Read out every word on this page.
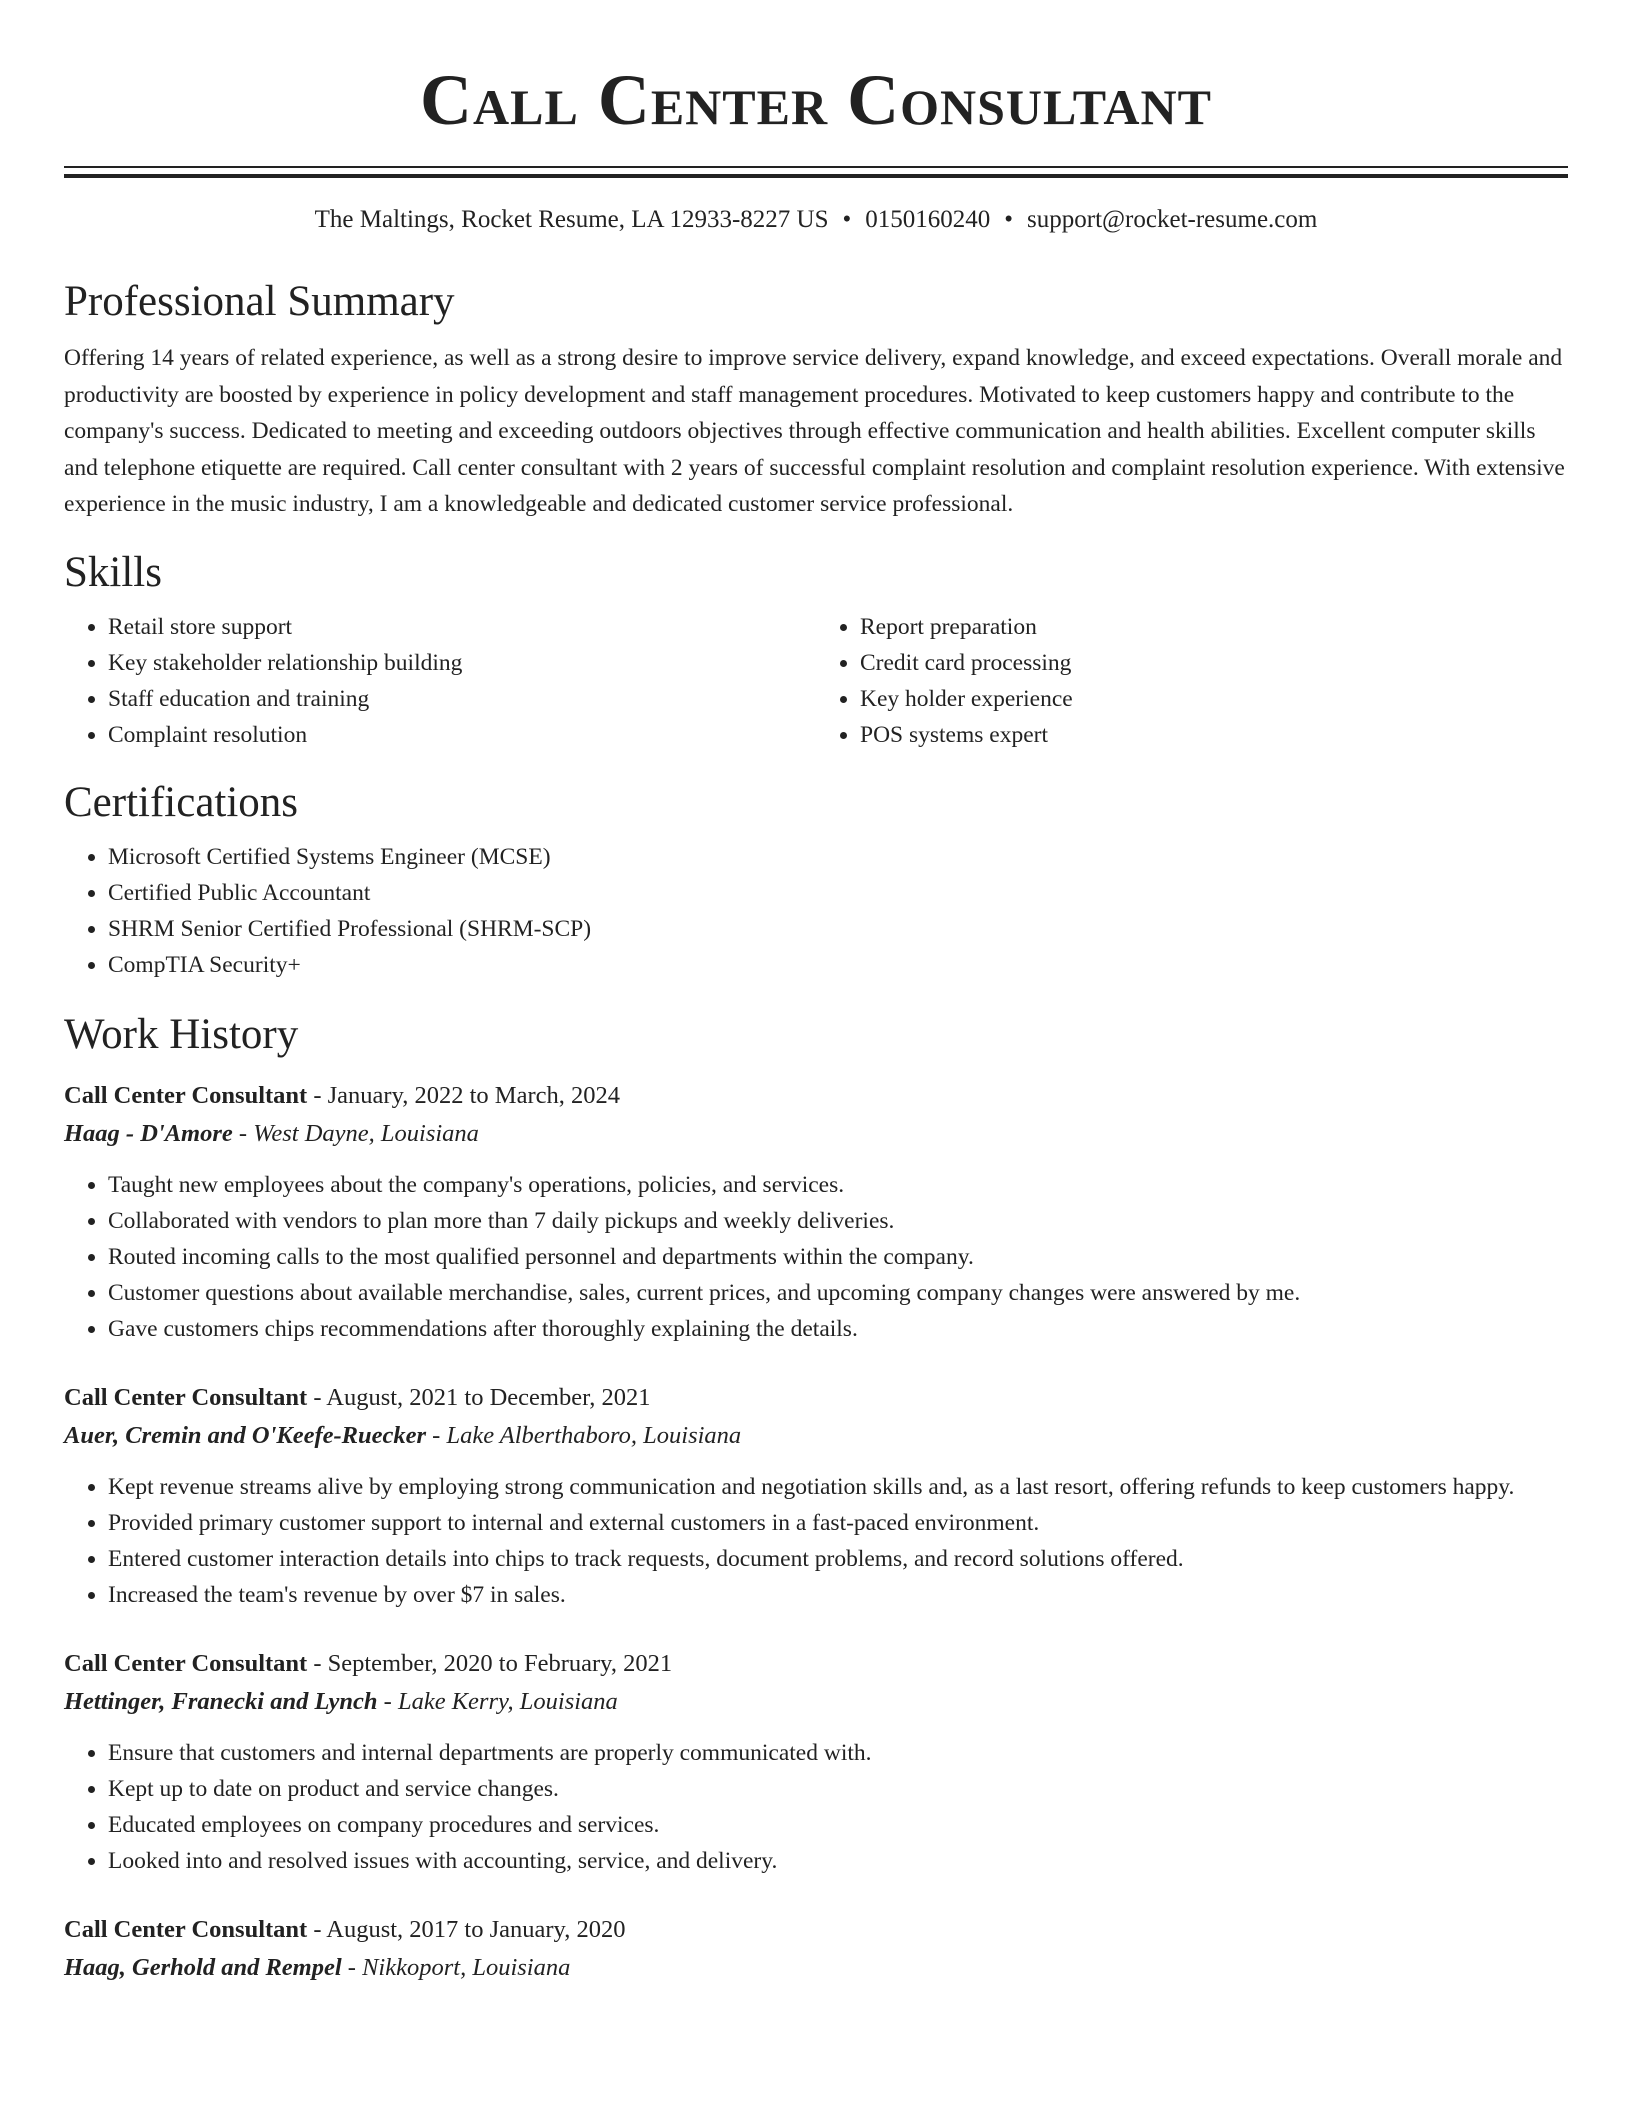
Call Center Consultant
The Maltings, Rocket Resume, LA 12933-8227 US • 0150160240 • support@rocket-resume.com
Professional Summary

Offering 14 years of related experience, as well as a strong desire to improve service delivery, expand knowledge, and exceed expectations. Overall morale and productivity are boosted by experience in policy development and staff management procedures. Motivated to keep customers happy and contribute to the company's success. Dedicated to meeting and exceeding outdoors objectives through effective communication and health abilities. Excellent computer skills and telephone etiquette are required. Call center consultant with 2 years of successful complaint resolution and complaint resolution experience. With extensive experience in the music industry, I am a knowledgeable and dedicated customer service professional.

Skills
• Retail store support
• Key stakeholder relationship building
• Staff education and training
• Complaint resolution
• Report preparation
• Credit card processing
• Key holder experience
• POS systems expert
Certifications
• Microsoft Certified Systems Engineer (MCSE)
• Certified Public Accountant
• SHRM Senior Certified Professional (SHRM-SCP)
• CompTIA Security+
Work History
Call Center Consultant - January, 2022 to March, 2024
Haag - D'Amore - West Dayne, Louisiana
• Taught new employees about the company's operations, policies, and services.
• Collaborated with vendors to plan more than 7 daily pickups and weekly deliveries.
• Routed incoming calls to the most qualified personnel and departments within the company.
• Customer questions about available merchandise, sales, current prices, and upcoming company changes were answered by me.
• Gave customers chips recommendations after thoroughly explaining the details.
Call Center Consultant - August, 2021 to December, 2021
Auer, Cremin and O'Keefe-Ruecker - Lake Alberthaboro, Louisiana
• Kept revenue streams alive by employing strong communication and negotiation skills and, as a last resort, offering refunds to keep customers happy.
• Provided primary customer support to internal and external customers in a fast-paced environment.
• Entered customer interaction details into chips to track requests, document problems, and record solutions offered.
• Increased the team's revenue by over $7 in sales.
Call Center Consultant - September, 2020 to February, 2021
Hettinger, Franecki and Lynch - Lake Kerry, Louisiana
• Ensure that customers and internal departments are properly communicated with.
• Kept up to date on product and service changes.
• Educated employees on company procedures and services.
• Looked into and resolved issues with accounting, service, and delivery.
Call Center Consultant - August, 2017 to January, 2020
Haag, Gerhold and Rempel - Nikkoport, Louisiana
